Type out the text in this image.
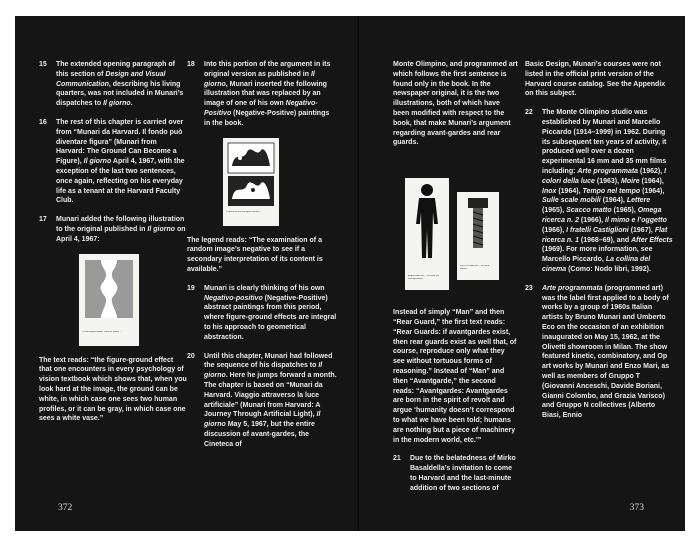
15 The extended opening paragraph of this section of Design and Visual Communication, describing his living quarters, was not included in Munari’s dispatches to Il giorno.

16 The rest of this chapter is carried over from “Munari da Harvard. Il fondo può diventare figura” (Munari from Harvard: The Ground Can Become a Figure), Il giorno April 4, 1967, with the exception of the last two sentences, once again, reflecting on his everyday life as a tenant at the Harvard Faculty Club.

17 Munari added the following illustration to the original published in Il giorno on April 4, 1967:

L’ultima figura-sfondo, come da notare ...

The text reads: “the figure-ground effect that one encounters in every psychology of vision textbook which shows that, when you look hard at the image, the ground can be white, in which case one sees two human profiles, or it can be gray, in which case one sees a white vase.”

18 Into this portion of the argument in its original version as published in Il giorno, Munari inserted the following illustration that was replaced by an image of one of his own Negativo-Positivo (Negative-Positive) paintings in the book.

La prova di una immagine casuale ...

The legend reads: “The examination of a random image’s negative to see if a secondary interpretation of its content is available.”

19 Munari is clearly thinking of his own Negativo-positivo (Negative-Positive) abstract paintings from this period, where figure-ground effects are integral to his approach to geometrical abstraction.

20 Until this chapter, Munari had followed the sequence of his dispatches to Il giorno. Here he jumps forward a month. The chapter is based on “Munari da Harvard. Viaggio attraverso la luce artificiale” (Munari from Harvard: A Journey Through Artificial Light), Il giorno May 5, 1967, but the entire discussion of avant-gardes, the Cineteca of

372

Monte Olimpino, and programmed art which follows the first sentence is found only in the book. In the newspaper original, it is the two illustrations, both of which have been modified with respect to the book, that make Munari’s argument regarding avant-gardes and rear guards.

AVANGUARDIA — Se avete più immaginazione...
RETROGUARDIA — Se avete ancora...

Instead of simply “Man” and then “Rear Guard,” the first text reads: “Rear Guards: if avantgardes exist, then rear guards exist as well that, of course, reproduce only what they see without tortuous forms of reasoning.” Instead of “Man” and then “Avantgarde,” the second reads: “Avantgardes: Avantgardes are born in the spirit of revolt and argue ‘humanity doesn’t correspond to what we have been told; humans are nothing but a piece of machinery in the modern world, etc.’”

21 Due to the belatedness of Mirko Basaldella’s invitation to come to Harvard and the last-minute addition of two sections of

Basic Design, Munari’s courses were not listed in the official print version of the Harvard course catalog. See the Appendix on this subject.

22 The Monte Olimpino studio was established by Munari and Marcello Piccardo (1914–1999) in 1962. During its subsequent ten years of activity, it produced well over a dozen experimental 16 mm and 35 mm films including: Arte programmata (1962), I colori della luce (1963), Moire (1964), Inox (1964), Tempo nel tempo (1964), Sulle scale mobili (1964), Lettere (1965), Scacco matto (1965), Omega ricerca n. 2 (1966), Il mimo e l’oggetto (1966), I fratelli Castiglioni (1967), Flat ricerca n. 1 (1968–69), and After Effects (1969). For more information, see Marcello Piccardo, La collina del cinema (Como: Nodo libri, 1992).

23 Arte programmata (programmed art) was the label first applied to a body of works by a group of 1960s Italian artists by Bruno Munari and Umberto Eco on the occasion of an exhibition inaugurated on May 15, 1962, at the Olivetti showroom in Milan. The show featured kinetic, combinatory, and Op art works by Munari and Enzo Mari, as well as members of Gruppo T (Giovanni Anceschi, Davide Boriani, Gianni Colombo, and Grazia Varisco) and Gruppo N collectives (Alberto Biasi, Ennio

373
